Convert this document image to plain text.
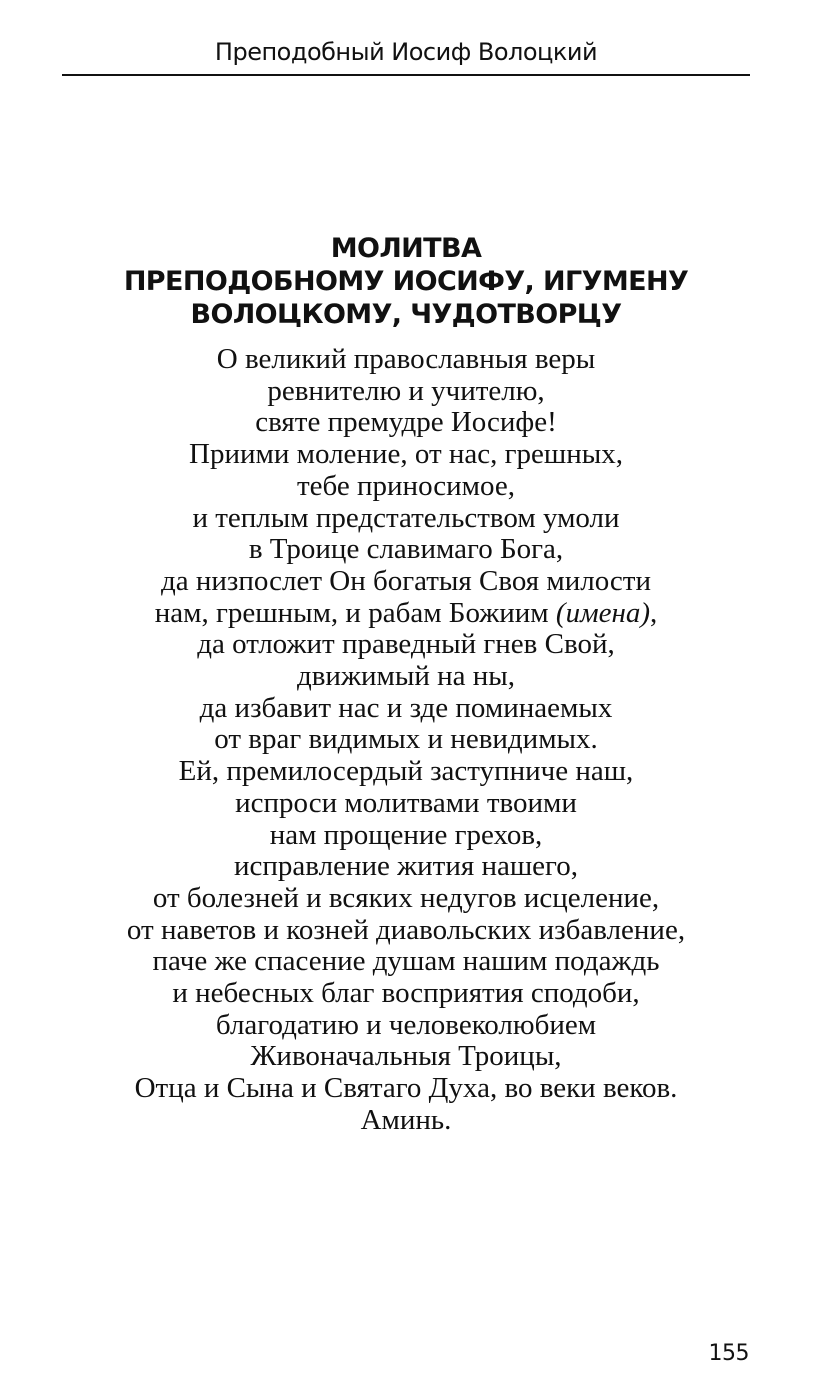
Преподобный Иосиф Волоцкий
МОЛИТВА
ПРЕПОДОБНОМУ ИОСИФУ, ИГУМЕНУ
ВОЛОЦКОМУ, ЧУДОТВОРЦУ
О великий православныя веры
ревнителю и учителю,
святе премудре Иосифе!
Приими моление, от нас, грешных,
тебе приносимое,
и теплым предстательством умоли
в Троице славимаго Бога,
да низпослет Он богатыя Своя милости
нам, грешным, и рабам Божиим (имена),
да отложит праведный гнев Свой,
движимый на ны,
да избавит нас и зде поминаемых
от враг видимых и невидимых.
Ей, премилосердый заступниче наш,
испроси молитвами твоими
нам прощение грехов,
исправление жития нашего,
от болезней и всяких недугов исцеление,
от наветов и козней диавольских избавление,
паче же спасение душам нашим подаждь
и небесных благ восприятия сподоби,
благодатию и человеколюбием
Живоначальныя Троицы,
Отца и Сына и Святаго Духа, во веки веков.
Аминь.
155
